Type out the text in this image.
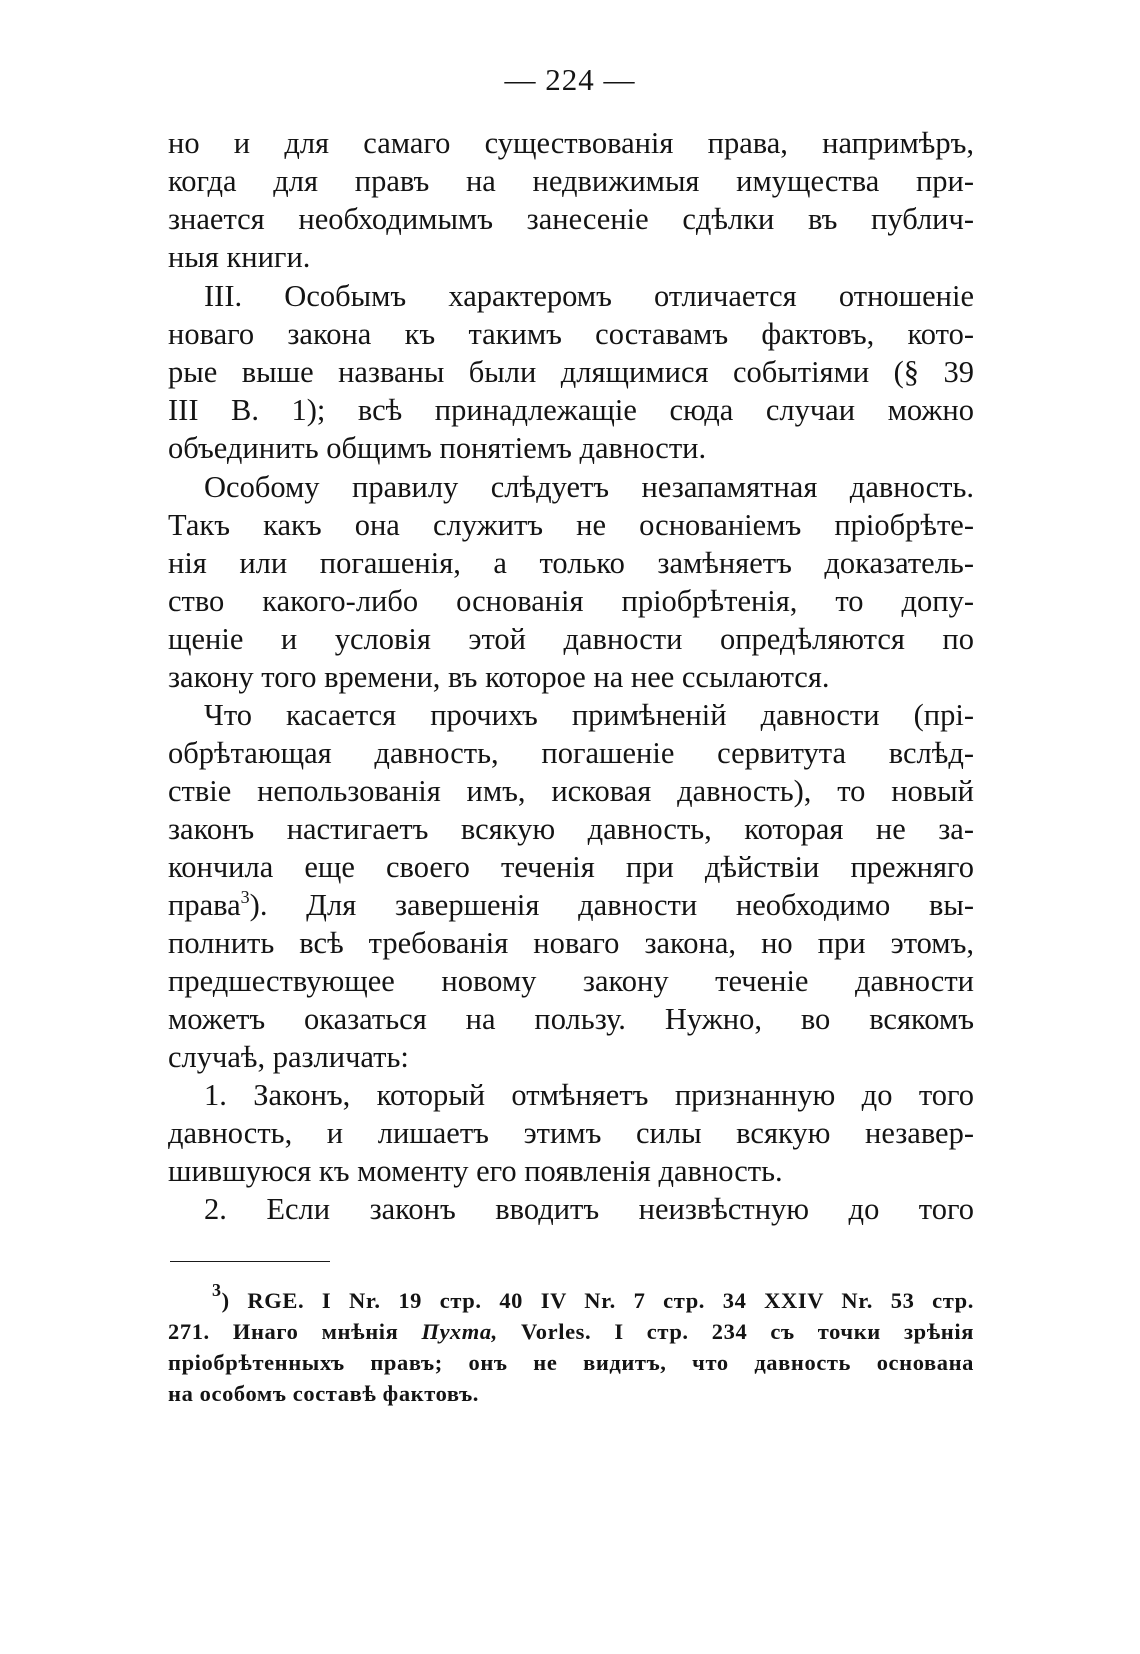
— 224 —
но и для самаго существованія права, напримѣръ,
когда для правъ на недвижимыя имущества при-
знается необходимымъ занесеніе сдѣлки въ публич-
ныя книги.
III. Особымъ характеромъ отличается отношеніе
новаго закона къ такимъ составамъ фактовъ, кото-
рые выше названы были длящимися событіями (§ 39
III B. 1); всѣ принадлежащіе сюда случаи можно
объединить общимъ понятіемъ давности.
Особому правилу слѣдуетъ незапамятная давность.
Такъ какъ она служитъ не основаніемъ пріобрѣте-
нія или погашенія, а только замѣняетъ доказатель-
ство какого-либо основанія пріобрѣтенія, то допу-
щеніе и условія этой давности опредѣляются по
закону того времени, въ которое на нее ссылаются.
Что касается прочихъ примѣненій давности (прі-
обрѣтающая давность, погашеніе сервитута вслѣд-
ствіе непользованія имъ, исковая давность), то новый
законъ настигаетъ всякую давность, которая не за-
кончила еще своего теченія при дѣйствіи прежняго
права$^3$). Для завершенія давности необходимо вы-
полнить всѣ требованія новаго закона, но при этомъ,
предшествующее новому закону теченіе давности
можетъ оказаться на пользу. Нужно, во всякомъ
случаѣ, различать:
1. Законъ, который отмѣняетъ признанную до того
давность, и лишаетъ этимъ силы всякую незавер-
шившуюся къ моменту его появленія давность.
2. Если законъ вводитъ неизвѣстную до того
$^3$) RGE. I Nr. 19 стр. 40 IV Nr. 7 стр. 34 XXIV Nr. 53 стр.
271. Инаго мнѣнія Пухта, Vorles. I стр. 234 съ точки зрѣнія
пріобрѣтенныхъ правъ; онъ не видитъ, что давность основана
на особомъ составѣ фактовъ.
